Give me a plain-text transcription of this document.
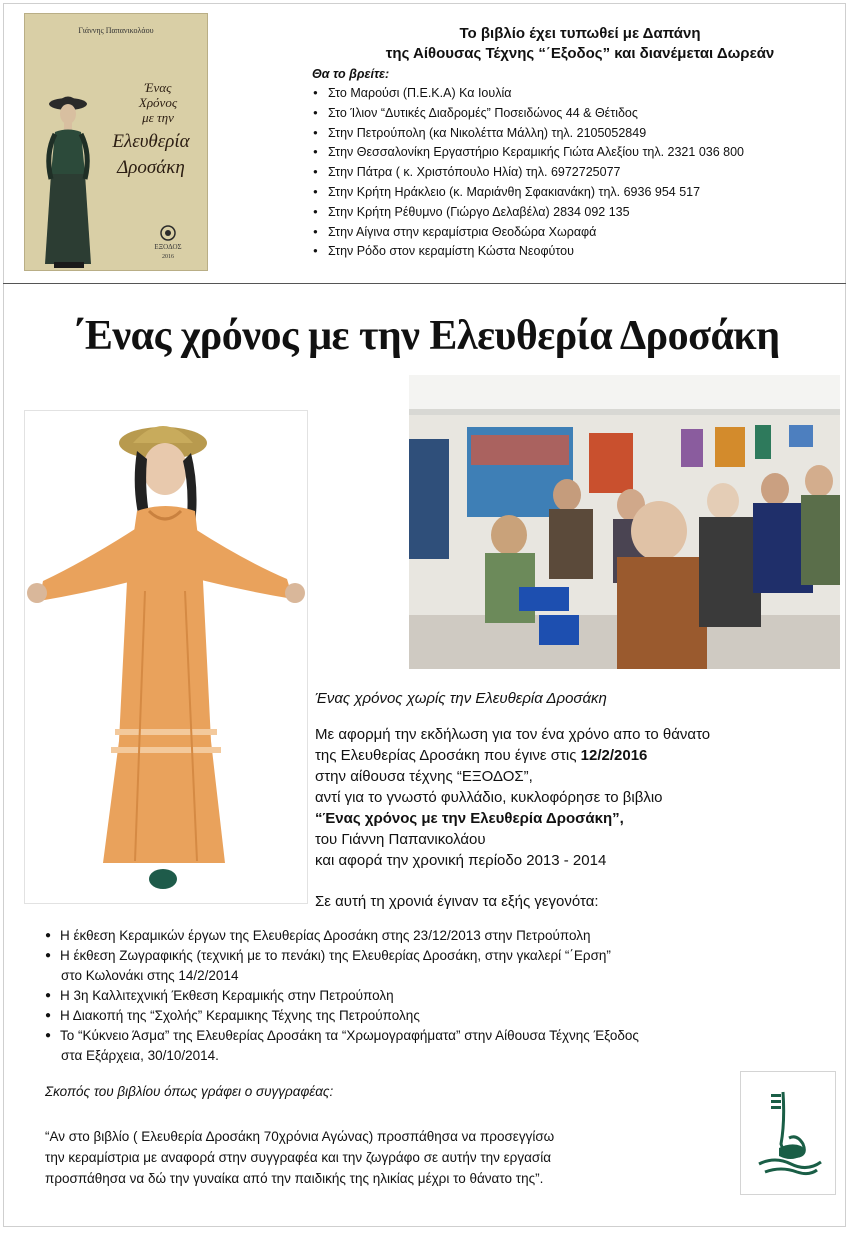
Γιάννης Παπανικολάου
Ένας
Χρόνος
με την
Ελευθερία
Δροσάκη
ΕΞΟΔΟΣ
2016
Το βιβλίο έχει τυπωθεί με Δαπάνη
της Αίθουσας Τέχνης “΄Εξοδος” και διανέμεται Δωρεάν
Θα το βρείτε:
●Στο Μαρούσι (Π.Ε.Κ.Α) Κα Ιουλία
●Στο Ίλιον “Δυτικές Διαδρομές” Ποσειδώνος 44 & Θέτιδος
●Στην Πετρούπολη (κα Νικολέττα Μάλλη) τηλ. 2105052849
●Στην Θεσσαλονίκη Εργαστήριο Κεραμικής Γιώτα Αλεξίου τηλ. 2321 036 800
●Στην Πάτρα ( κ. Χριστόπουλο Ηλία) τηλ. 6972725077
●Στην Κρήτη Ηράκλειο (κ. Μαριάνθη Σφακιανάκη) τηλ. 6936 954 517
●Στην Κρήτη Ρέθυμνο (Γιώργο Δελαβέλα) 2834 092 135
●Στην Αίγινα στην κεραμίστρια Θεοδώρα Χωραφά
●Στην Ρόδο στον κεραμίστη Κώστα Νεοφύτου
΄Ενας χρόνος με την Ελευθερία Δροσάκη
Ένας χρόνος χωρίς την Ελευθερία Δροσάκη
Με αφορμή την εκδήλωση για τον ένα χρόνο απο το θάνατο
της Ελευθερίας Δροσάκη που έγινε στις 12/2/2016
στην αίθουσα τέχνης “ΕΞΟΔΟΣ”,
αντί για το γνωστό φυλλάδιο, κυκλοφόρησε το βιβλιο
“Ένας χρόνος με την Ελευθερία Δροσάκη”,
του Γιάννη Παπανικολάου
και αφορά την χρονική περίοδο 2013 - 2014
Σε αυτή τη χρονιά έγιναν τα εξής γεγονότα:
● Η έκθεση Κεραμικών έργων της Ελευθερίας Δροσάκη στης 23/12/2013 στην Πετρούπολη
● Η έκθεση Ζωγραφικής (τεχνική με το πενάκι) της Ελευθερίας Δροσάκη, στην γκαλερί “΄Ερση”
στο Κωλονάκι στης 14/2/2014
● Η 3η Καλλιτεχνική Έκθεση Κεραμικής στην Πετρούπολη
● Η Διακοπή της “Σχολής” Κεραμικης Τέχνης της Πετρούπολης
● Το “Κύκνειο Άσμα” της Ελευθερίας Δροσάκη τα “Χρωμογραφήματα” στην Αίθουσα Τέχνης Έξοδος
στα Εξάρχεια, 30/10/2014.
Σκοπός του βιβλίου όπως γράφει ο συγγραφέας:
“Αν στο βιβλίο ( Ελευθερία Δροσάκη 70χρόνια Αγώνας) προσπάθησα να προσεγγίσω
την κεραμίστρια με αναφορά στην συγγραφέα και την ζωγράφο σε αυτήν την εργασία
προσπάθησα να δώ την γυναίκα από την παιδικής της ηλικίας μέχρι το θάνατο της”.
